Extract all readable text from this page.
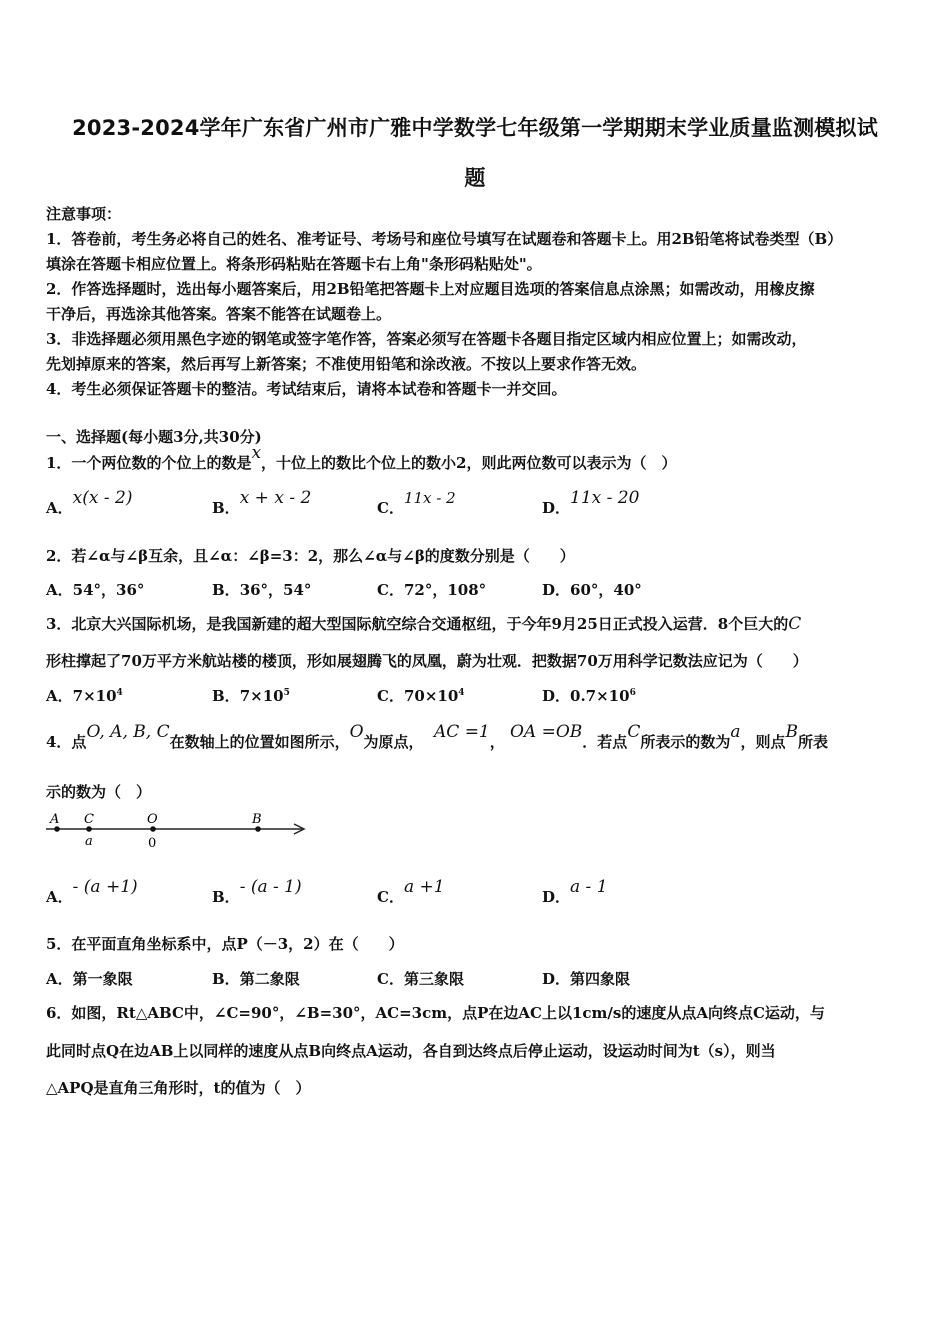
2023-2024学年广东省广州市广雅中学数学七年级第一学期期末学业质量监测模拟试
题
注意事项：
1．答卷前，考生务必将自己的姓名、准考证号、考场号和座位号填写在试题卷和答题卡上。用2B铅笔将试卷类型（B）
填涂在答题卡相应位置上。将条形码粘贴在答题卡右上角"条形码粘贴处"。
2．作答选择题时，选出每小题答案后，用2B铅笔把答题卡上对应题目选项的答案信息点涂黑；如需改动，用橡皮擦
干净后，再选涂其他答案。答案不能答在试题卷上。
3．非选择题必须用黑色字迹的钢笔或签字笔作答，答案必须写在答题卡各题目指定区域内相应位置上；如需改动，
先划掉原来的答案，然后再写上新答案；不准使用铅笔和涂改液。不按以上要求作答无效。
4．考生必须保证答题卡的整洁。考试结束后，请将本试卷和答题卡一并交回。
一、选择题(每小题3分,共30分)
1．一个两位数的个位上的数是x，十位上的数比个位上的数小2，则此两位数可以表示为（　）
A．x(x - 2)	B．x + x - 2	C．11x - 2
D．11x - 20
2．若∠α与∠β互余，且∠α：∠β=3：2，那么∠α与∠β的度数分别是（　　）
A．54°，36°	B．36°，54°	C．72°，108°	D．60°，40°
3．北京大兴国际机场，是我国新建的超大型国际航空综合交通枢纽，于今年9月25日正式投入运营．8个巨大的C
形柱撑起了70万平方米航站楼的楼顶，形如展翅腾飞的凤凰，蔚为壮观．把数据70万用科学记数法应记为（　　）
A．$7\times 10^4$	B．$7\times 10^5$	C．$70\times 10^4$	D．$0.7\times 10^6$
4．点O, A, B, C在数轴上的位置如图所示，O为原点， AC =1， OA =OB．若点C所表示的数为a，则点B所表
示的数为（　）
A C	O	B
a	0
A．- (a +1)	B．- (a - 1)	C．a +1	D．a - 1
5．在平面直角坐标系中，点P（－3，2）在（　　）
A．第一象限	B．第二象限	C．第三象限	D．第四象限
6．如图，Rt△ABC中，∠C=90°，∠B=30°，AC=3cm，点P在边AC上以1cm/s的速度从点A向终点C运动，与
此同时点Q在边AB上以同样的速度从点B向终点A运动，各自到达终点后停止运动，设运动时间为t（s），则当
△APQ是直角三角形时，t的值为（　）
